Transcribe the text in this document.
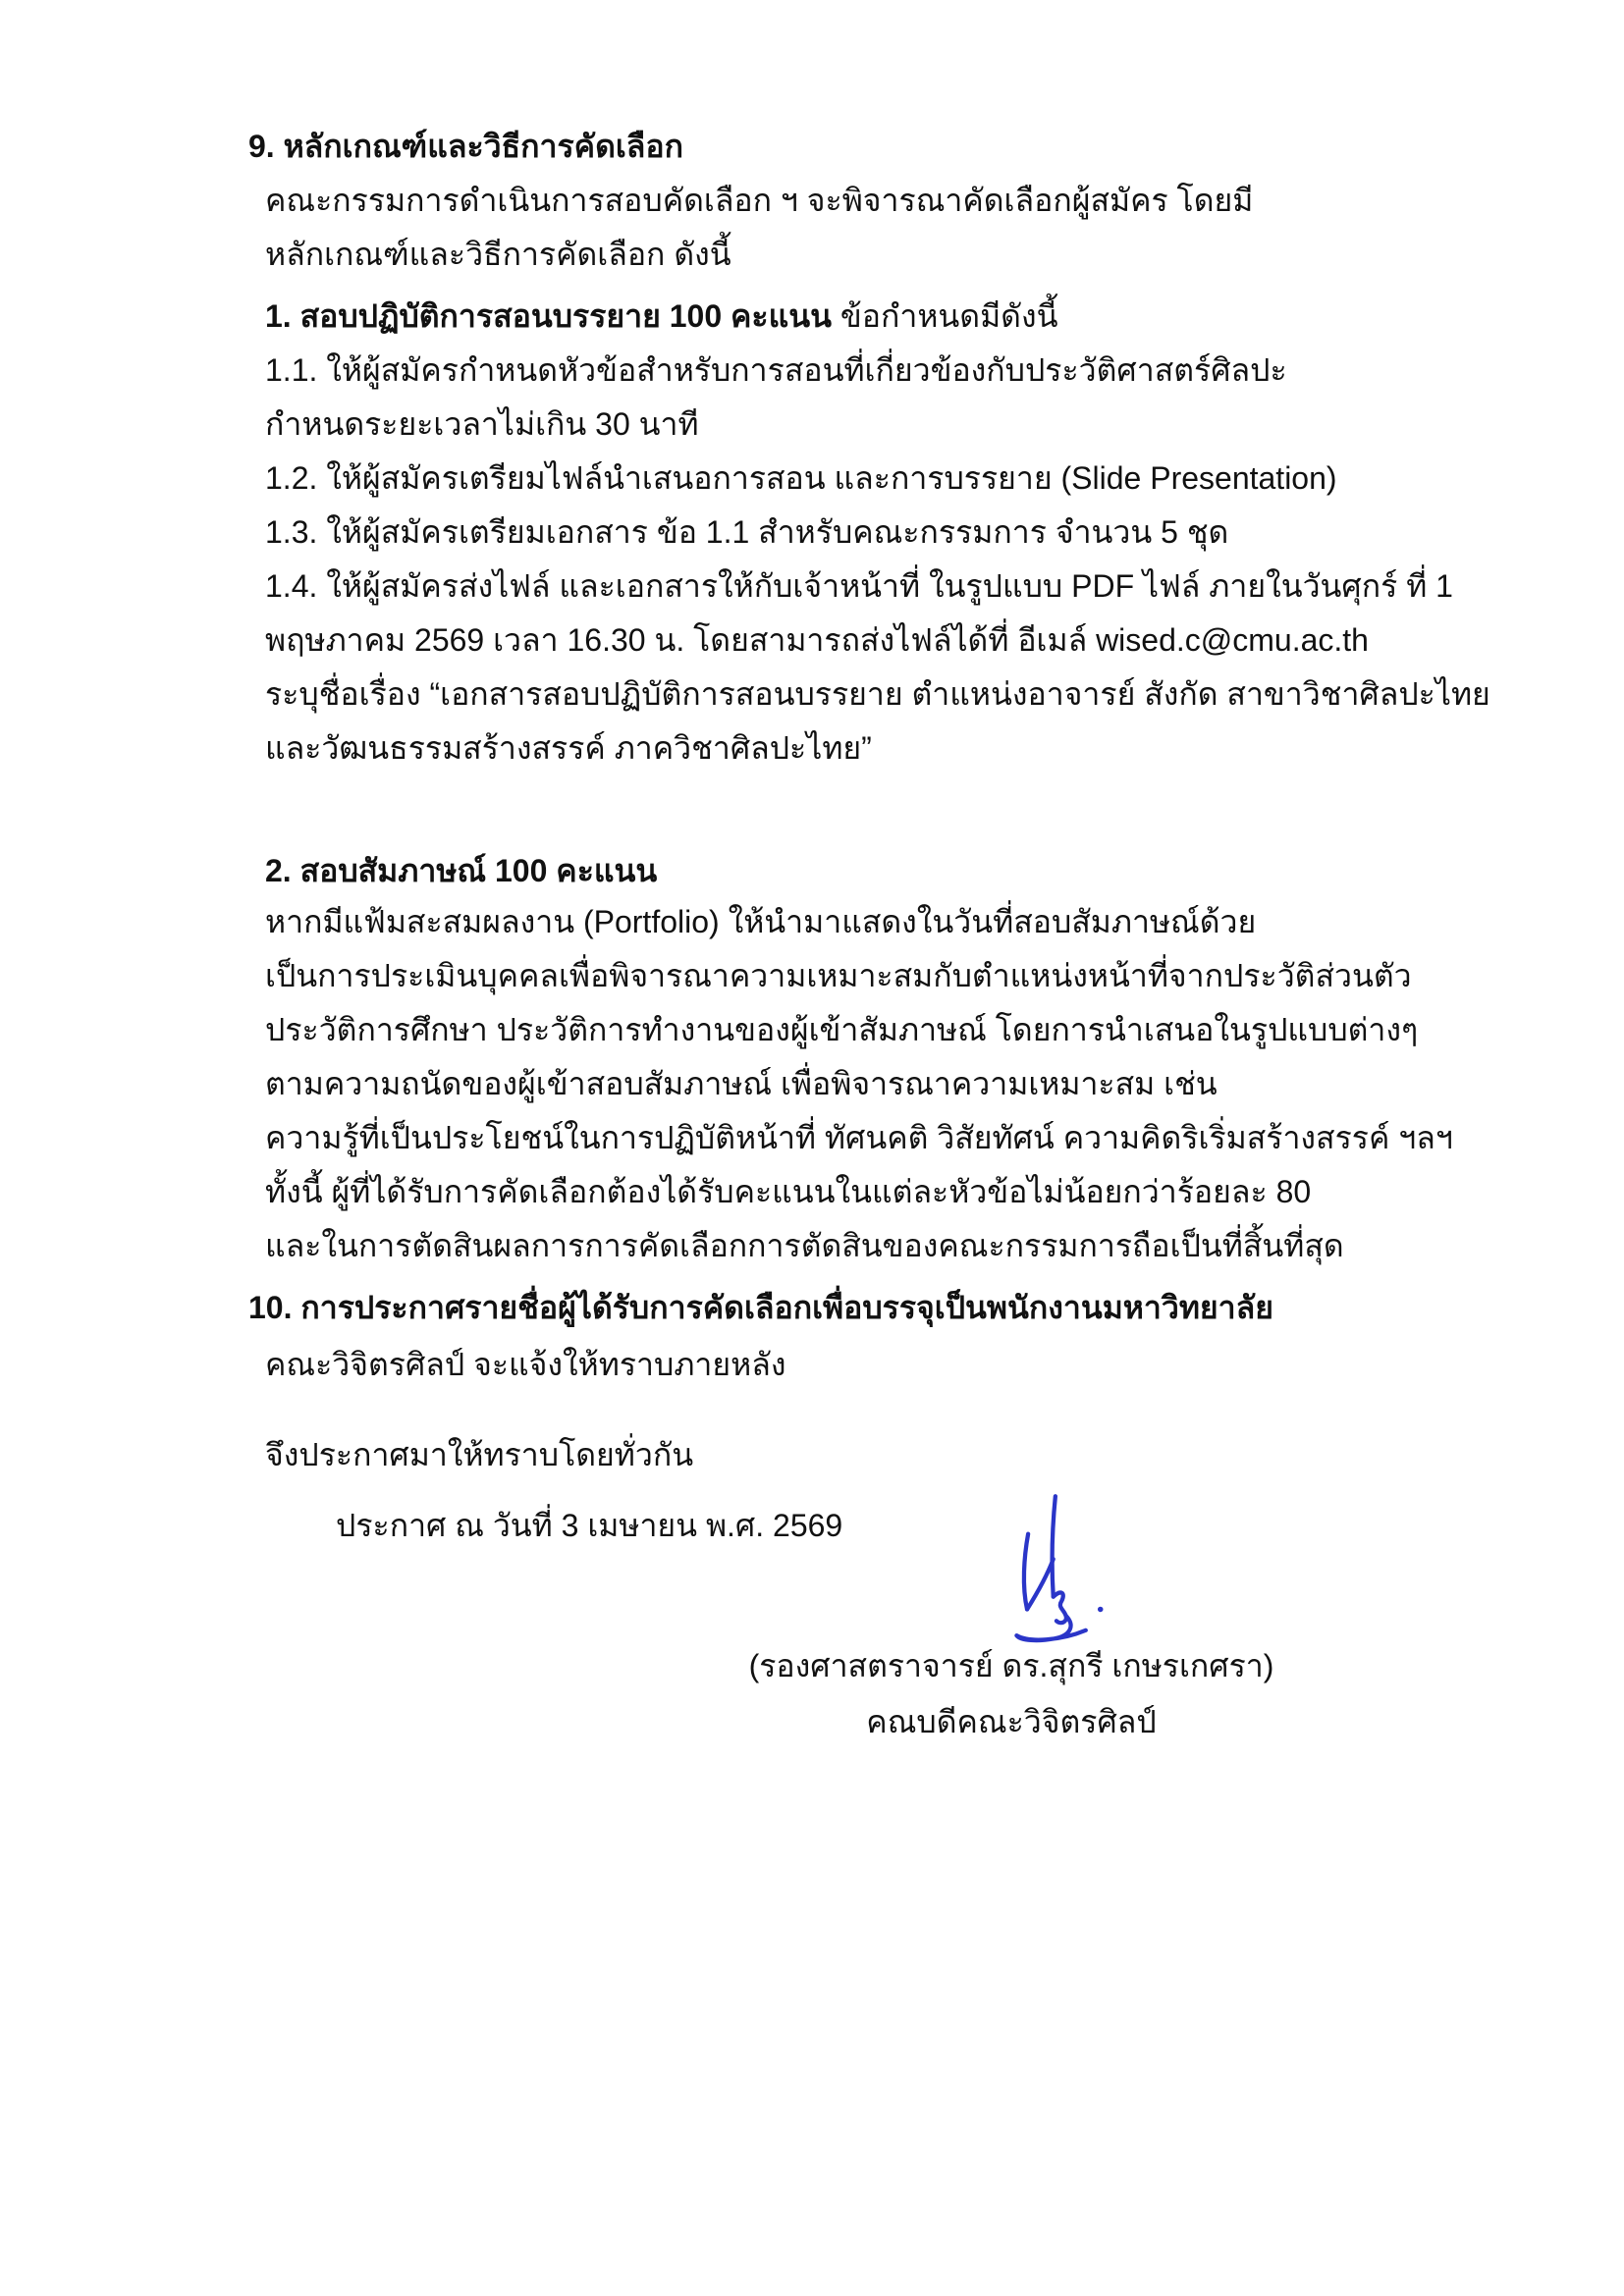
9. หลักเกณฑ์และวิธีการคัดเลือก
คณะกรรมการดำเนินการสอบคัดเลือก ฯ จะพิจารณาคัดเลือกผู้สมัคร โดยมี
หลักเกณฑ์และวิธีการคัดเลือก ดังนี้
1. สอบปฏิบัติการสอนบรรยาย 100 คะแนน ข้อกำหนดมีดังนี้
1.1. ให้ผู้สมัครกำหนดหัวข้อสำหรับการสอนที่เกี่ยวข้องกับประวัติศาสตร์ศิลปะ
กำหนดระยะเวลาไม่เกิน 30 นาที
1.2. ให้ผู้สมัครเตรียมไฟล์นำเสนอการสอน และการบรรยาย (Slide Presentation)
1.3. ให้ผู้สมัครเตรียมเอกสาร ข้อ 1.1 สำหรับคณะกรรมการ จำนวน 5 ชุด
1.4. ให้ผู้สมัครส่งไฟล์ และเอกสารให้กับเจ้าหน้าที่ ในรูปแบบ PDF ไฟล์ ภายในวันศุกร์ ที่ 1
พฤษภาคม 2569 เวลา 16.30 น. โดยสามารถส่งไฟล์ได้ที่ อีเมล์ wised.c@cmu.ac.th
ระบุชื่อเรื่อง “เอกสารสอบปฏิบัติการสอนบรรยาย ตำแหน่งอาจารย์ สังกัด สาขาวิชาศิลปะไทย
และวัฒนธรรมสร้างสรรค์ ภาควิชาศิลปะไทย”
2. สอบสัมภาษณ์ 100 คะแนน
หากมีแฟ้มสะสมผลงาน (Portfolio) ให้นำมาแสดงในวันที่สอบสัมภาษณ์ด้วย
เป็นการประเมินบุคคลเพื่อพิจารณาความเหมาะสมกับตำแหน่งหน้าที่จากประวัติส่วนตัว
ประวัติการศึกษา ประวัติการทำงานของผู้เข้าสัมภาษณ์ โดยการนำเสนอในรูปแบบต่างๆ
ตามความถนัดของผู้เข้าสอบสัมภาษณ์ เพื่อพิจารณาความเหมาะสม เช่น
ความรู้ที่เป็นประโยชน์ในการปฏิบัติหน้าที่ ทัศนคติ วิสัยทัศน์ ความคิดริเริ่มสร้างสรรค์ ฯลฯ
ทั้งนี้ ผู้ที่ได้รับการคัดเลือกต้องได้รับคะแนนในแต่ละหัวข้อไม่น้อยกว่าร้อยละ 80
และในการตัดสินผลการการคัดเลือกการตัดสินของคณะกรรมการถือเป็นที่สิ้นที่สุด
10. การประกาศรายชื่อผู้ได้รับการคัดเลือกเพื่อบรรจุเป็นพนักงานมหาวิทยาลัย
คณะวิจิตรศิลป์ จะแจ้งให้ทราบภายหลัง
จึงประกาศมาให้ทราบโดยทั่วกัน
ประกาศ ณ วันที่ 3 เมษายน พ.ศ. 2569
(รองศาสตราจารย์ ดร.สุกรี เกษรเกศรา)
คณบดีคณะวิจิตรศิลป์
